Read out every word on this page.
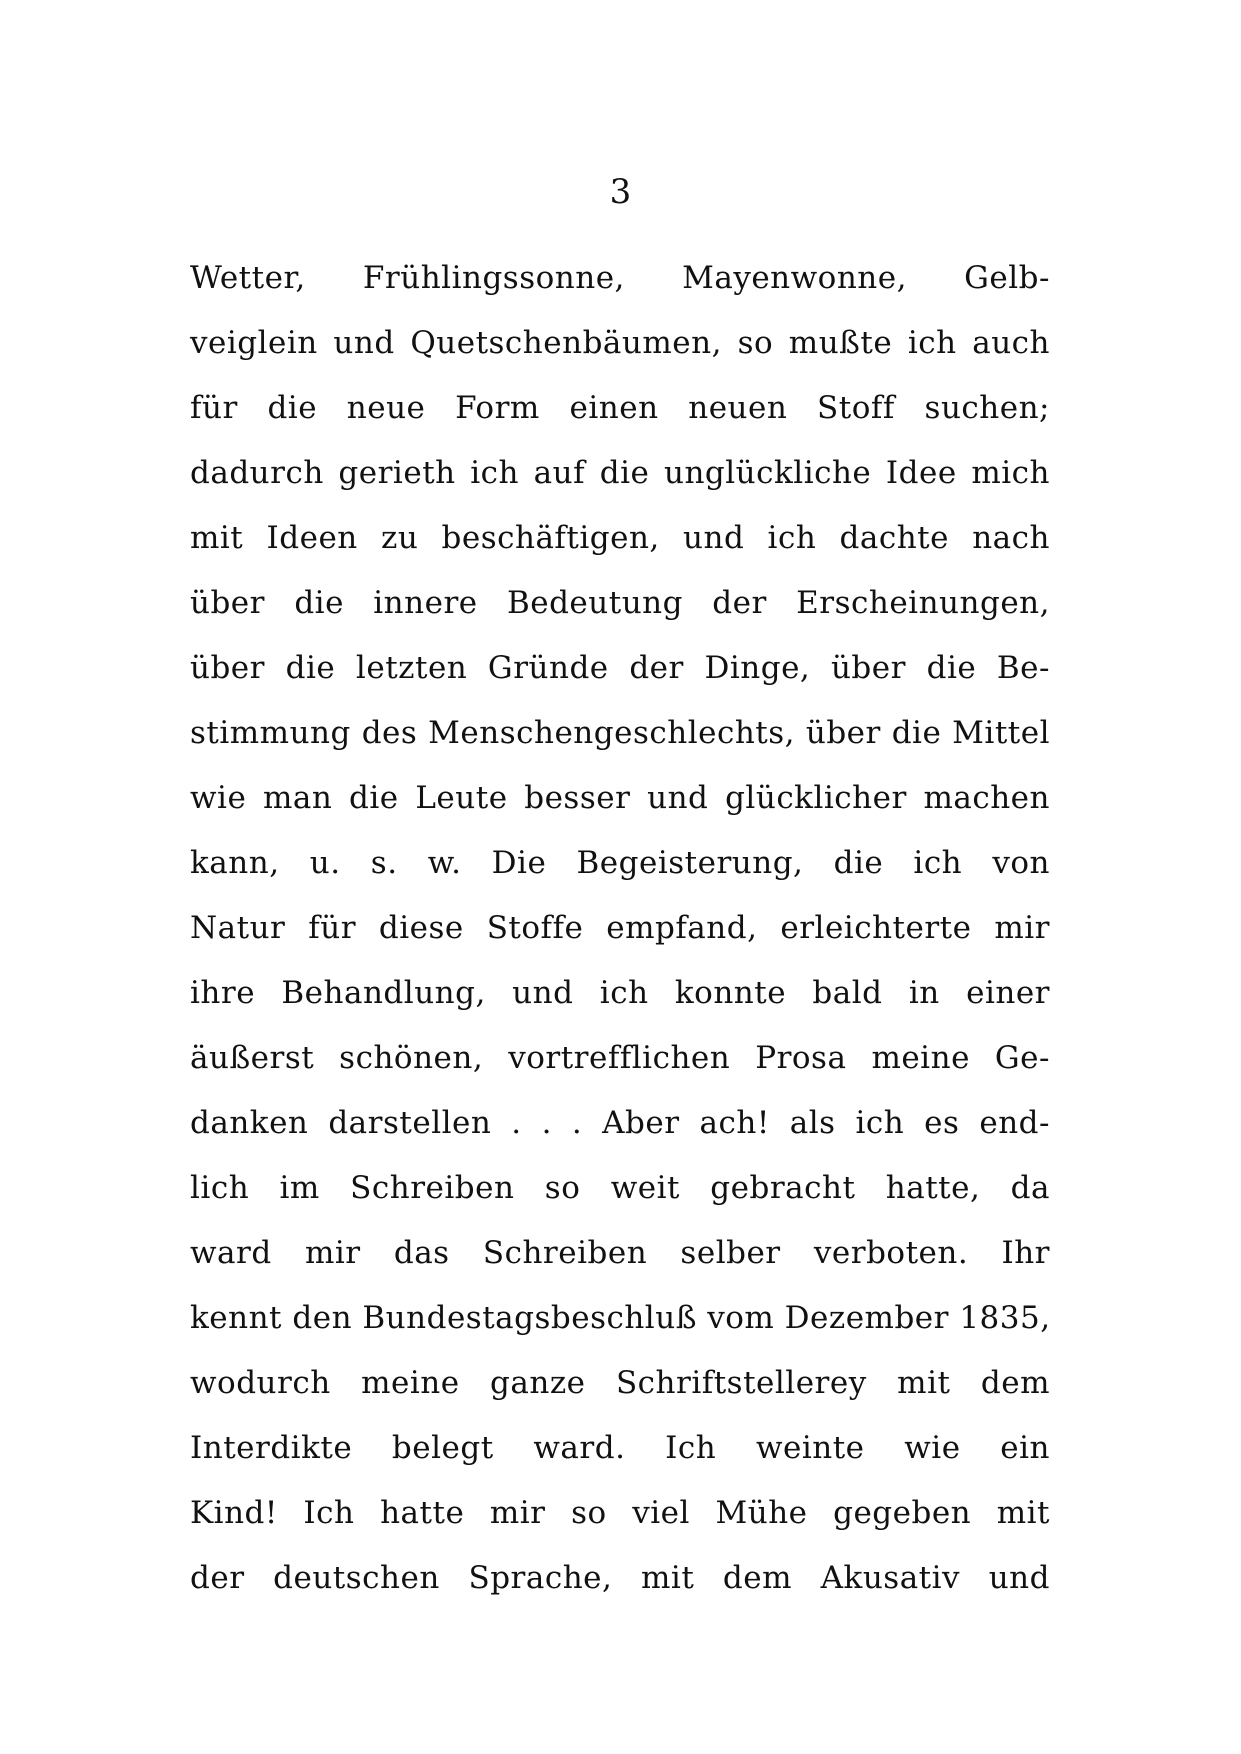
3
Wetter, Frühlingssonne, Mayenwonne, Gelb-
veiglein und Quetschenbäumen, so mußte ich auch
für die neue Form einen neuen Stoff suchen;
dadurch gerieth ich auf die unglückliche Idee mich
mit Ideen zu beschäftigen, und ich dachte nach
über die innere Bedeutung der Erscheinungen,
über die letzten Gründe der Dinge, über die Be-
stimmung des Menschengeschlechts, über die Mittel
wie man die Leute besser und glücklicher machen
kann, u. s. w. Die Begeisterung, die ich von
Natur für diese Stoffe empfand, erleichterte mir
ihre Behandlung, und ich konnte bald in einer
äußerst schönen, vortrefflichen Prosa meine Ge-
danken darstellen . . . Aber ach! als ich es end-
lich im Schreiben so weit gebracht hatte, da
ward mir das Schreiben selber verboten. Ihr
kennt den Bundestagsbeschluß vom Dezember 1835,
wodurch meine ganze Schriftstellerey mit dem
Interdikte belegt ward. Ich weinte wie ein
Kind! Ich hatte mir so viel Mühe gegeben mit
der deutschen Sprache, mit dem Akusativ und
